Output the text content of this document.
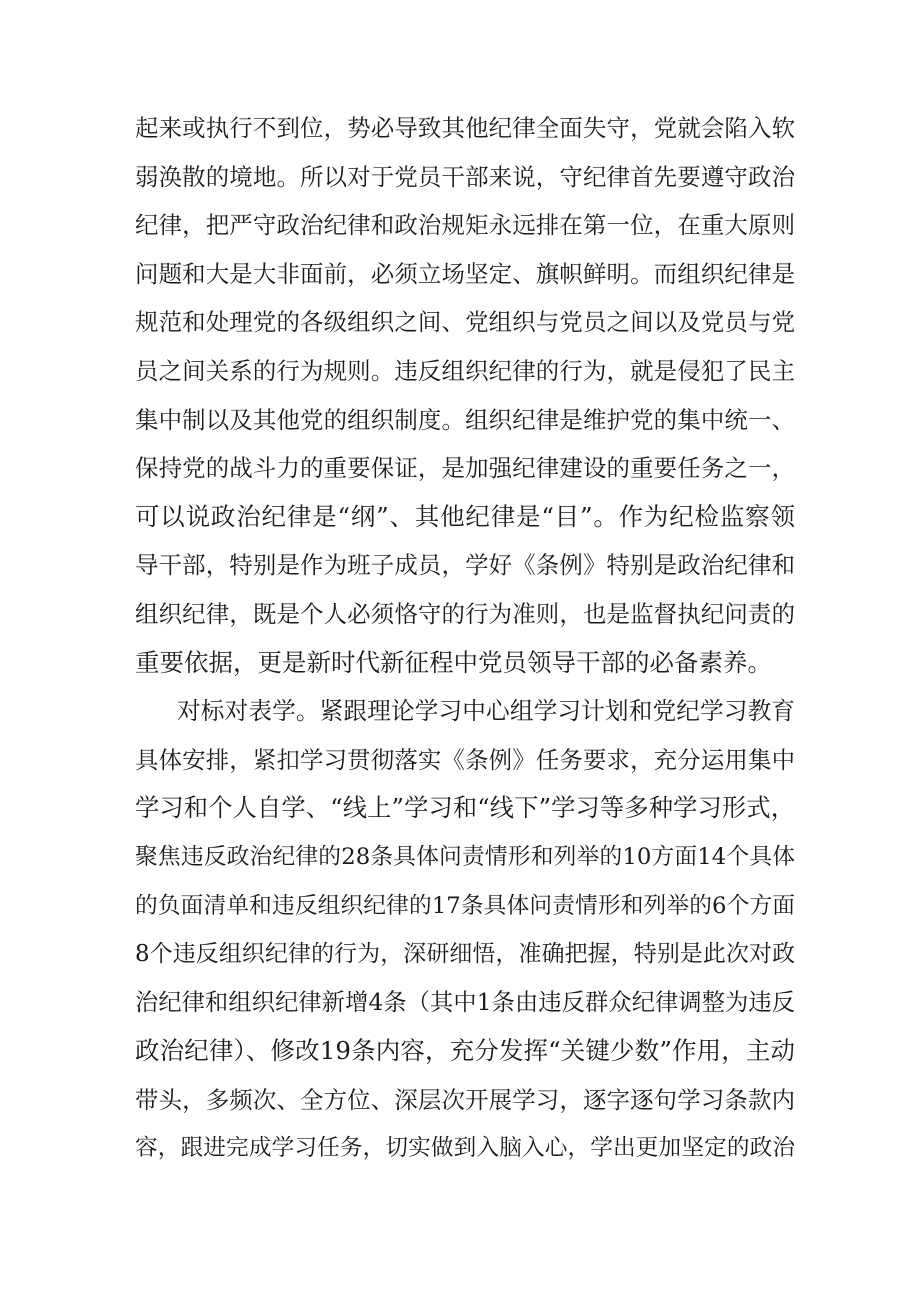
起来或执行不到位，势必导致其他纪律全面失守，党就会陷入软
弱涣散的境地。所以对于党员干部来说，守纪律首先要遵守政治
纪律，把严守政治纪律和政治规矩永远排在第一位，在重大原则
问题和大是大非面前，必须立场坚定、旗帜鲜明。而组织纪律是
规范和处理党的各级组织之间、党组织与党员之间以及党员与党
员之间关系的行为规则。违反组织纪律的行为，就是侵犯了民主
集中制以及其他党的组织制度。组织纪律是维护党的集中统一、
保持党的战斗力的重要保证，是加强纪律建设的重要任务之一，
可以说政治纪律是“纲”、其他纪律是“目”。作为纪检监察领
导干部，特别是作为班子成员，学好《条例》特别是政治纪律和
组织纪律，既是个人必须恪守的行为准则，也是监督执纪问责的
重要依据，更是新时代新征程中党员领导干部的必备素养。
对标对表学。紧跟理论学习中心组学习计划和党纪学习教育
具体安排，紧扣学习贯彻落实《条例》任务要求，充分运用集中
学习和个人自学、“线上”学习和“线下”学习等多种学习形式，
聚焦违反政治纪律的28条具体问责情形和列举的10方面14个具体
的负面清单和违反组织纪律的17条具体问责情形和列举的6个方面
8个违反组织纪律的行为，深研细悟，准确把握，特别是此次对政
治纪律和组织纪律新增4条（其中1条由违反群众纪律调整为违反
政治纪律）、修改19条内容，充分发挥“关键少数”作用，主动
带头，多频次、全方位、深层次开展学习，逐字逐句学习条款内
容，跟进完成学习任务，切实做到入脑入心，学出更加坚定的政治
